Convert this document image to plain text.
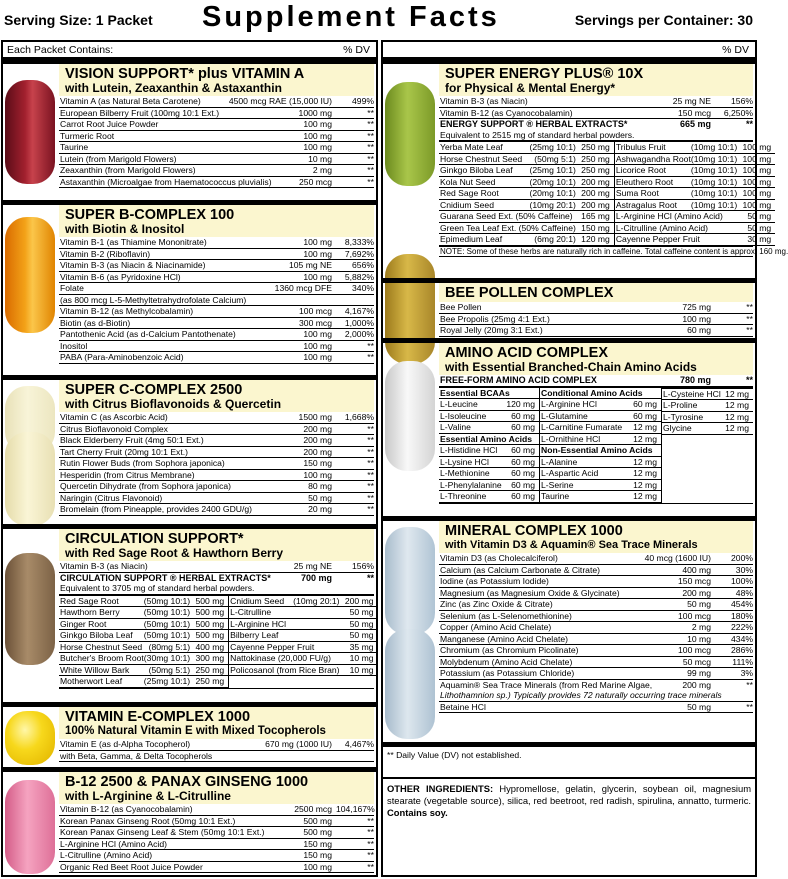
Serving Size: 1 Packet Supplement Facts	Servings per Container: 30
Each Packet Contains:	% DV
VISION SUPPORT* plus VITAMIN A
with Lutein, Zeaxanthin & Astaxanthin
Vitamin A (as Natural Beta Carotene)	4500 mcg RAE (15,000 IU)	499%
European Bilberry Fruit (100mg 10:1 Ext.)	1000 mg	**
Carrot Root Juice Powder	100 mg	**
Turmeric Root	100 mg	**
Taurine	100 mg	**
Lutein (from Marigold Flowers)	10 mg	**
Zeaxanthin (from Marigold Flowers)	2 mg	**
Astaxanthin (Microalgae from Haematococcus pluvialis)	250 mcg	**
SUPER B-COMPLEX 100
with Biotin & Inositol
Vitamin B-1 (as Thiamine Mononitrate)	100 mg	8,333%
Vitamin B-2 (Riboflavin)	100 mg	7,692%
Vitamin B-3 (as Niacin & Niacinamide)	105 mg NE	656%
Vitamin B-6 (as Pyridoxine HCl)	100 mg	5,882%
Folate	1360 mcg DFE	340%
(as 800 mcg L-5-Methyltetrahydrofolate Calcium)
Vitamin B-12 (as Methylcobalamin)	100 mcg	4,167%
Biotin (as d-Biotin)	300 mcg	1,000%
Pantothenic Acid (as d-Calcium Pantothenate)	100 mg	2,000%
Inositol	100 mg	**
PABA (Para-Aminobenzoic Acid)	100 mg	**
SUPER C-COMPLEX 2500
with Citrus Bioflavonoids & Quercetin
Vitamin C (as Ascorbic Acid)	1500 mg	1,668%
Citrus Bioflavonoid Complex	200 mg	**
Black Elderberry Fruit (4mg 50:1 Ext.)	200 mg	**
Tart Cherry Fruit (20mg 10:1 Ext.)	200 mg	**
Rutin Flower Buds (from Sophora japonica)	150 mg	**
Hesperidin (from Citrus Membrane)	100 mg	**
Quercetin Dihydrate (from Sophora japonica)	80 mg	**
Naringin (Citrus Flavonoid)	50 mg	**
Bromelain (from Pineapple, provides 2400 GDU/g)	20 mg	**
CIRCULATION SUPPORT*
with Red Sage Root & Hawthorn Berry
Vitamin B-3 (as Niacin)	25 mg NE	156%
CIRCULATION SUPPORT ® HERBAL EXTRACTS*	700 mg	**
Equivalent to 3705 mg of standard herbal powders.
Red Sage Root	(50mg 10:1) 500 mg
Hawthorn Berry	(50mg 10:1) 500 mg
Ginger Root	(50mg 10:1) 500 mg
Ginkgo Biloba Leaf	(50mg 10:1) 500 mg
Horse Chestnut Seed (80mg 5:1) 400 mg
Butcher's Broom Root (30mg 10:1) 300 mg
White Willow Bark	(50mg 5:1) 250 mg
Motherwort Leaf	(25mg 10:1) 250 mg
Cnidium Seed	(10mg 20:1) 200 mg
L-Citrulline	50 mg
L-Arginine HCl	50 mg
Bilberry Leaf	50 mg
Cayenne Pepper Fruit	35 mg
Nattokinase (20,000 FU/g)	10 mg
Policosanol (from Rice Bran)	10 mg
VITAMIN E-COMPLEX 1000
100% Natural Vitamin E with Mixed Tocopherols
Vitamin E (as d-Alpha Tocopherol)	670 mg (1000 IU)	4,467%
with Beta, Gamma, & Delta Tocopherols
B-12 2500 & PANAX GINSENG 1000
with L-Arginine & L-Citrulline
Vitamin B-12 (as Cyanocobalamin)	2500 mcg 104,167%
Korean Panax Ginseng Root (50mg 10:1 Ext.)	500 mg	**
Korean Panax Ginseng Leaf & Stem (50mg 10:1 Ext.)	500 mg	**
L-Arginine HCl (Amino Acid)	150 mg	**
L-Citrulline (Amino Acid)	150 mg	**
Organic Red Beet Root Juice Powder	100 mg	**
% DV
SUPER ENERGY PLUS® 10X
for Physical & Mental Energy*
Vitamin B-3 (as Niacin)	25 mg NE	156%
Vitamin B-12 (as Cyanocobalamin)	150 mcg	6,250%
ENERGY SUPPORT ® HERBAL EXTRACTS*	665 mg	**
Equivalent to 2515 mg of standard herbal powders.
Yerba Mate Leaf	(25mg 10:1) 250 mg
Horse Chestnut Seed	(50mg 5:1) 250 mg
Ginkgo Biloba Leaf	(25mg 10:1) 250 mg
Kola Nut Seed	(20mg 10:1) 200 mg
Red Sage Root	(20mg 10:1) 200 mg
Cnidium Seed	(10mg 20:1) 200 mg
Guarana Seed Ext. (50% Caffeine) 165 mg
Green Tea Leaf Ext. (50% Caffeine) 150 mg
Epimedium Leaf	(6mg 20:1) 120 mg
Tribulus Fruit	(10mg 10:1) 100 mg
Ashwagandha Root (10mg 10:1) 100 mg
Licorice Root	(10mg 10:1) 100 mg
Eleuthero Root	(10mg 10:1) 100 mg
Suma Root	(10mg 10:1) 100 mg
Astragalus Root	(10mg 10:1) 100 mg
L-Arginine HCl (Amino Acid)	50 mg
L-Citrulline (Amino Acid)	50 mg
Cayenne Pepper Fruit	30 mg
NOTE: Some of these herbs are naturally rich in caffeine. Total caffeine content is approx. 160 mg.
BEE POLLEN COMPLEX
Bee Pollen	725 mg	**
Bee Propolis (25mg 4:1 Ext.)	100 mg	**
Royal Jelly (20mg 3:1 Ext.)	60 mg	**
AMINO ACID COMPLEX
with Essential Branched-Chain Amino Acids
FREE-FORM AMINO ACID COMPLEX	780 mg	**
Essential BCAAs
L-Leucine	120 mg
L-Isoleucine	60 mg
L-Valine	60 mg
Essential Amino Acids
L-Histidine HCl	60 mg
L-Lysine HCl	60 mg
L-Methionine	60 mg
L-Phenylalanine	60 mg
L-Threonine	60 mg
Conditional Amino Acids
L-Arginine HCl	60 mg
L-Glutamine	60 mg
L-Carnitine Fumarate	12 mg
L-Ornithine HCl	12 mg
Non-Essential Amino Acids
L-Alanine	12 mg
L-Aspartic Acid	12 mg
L-Serine	12 mg
Taurine	12 mg
L-Cysteine HCl 12 mg
L-Proline	12 mg
L-Tyrosine	12 mg
Glycine	12 mg
MINERAL COMPLEX 1000
with Vitamin D3 & Aquamin® Sea Trace Minerals
Vitamin D3 (as Cholecalciferol)	40 mcg (1600 IU)	200%
Calcium (as Calcium Carbonate & Citrate)	400 mg	30%
Iodine (as Potassium Iodide)	150 mcg	100%
Magnesium (as Magnesium Oxide & Glycinate)	200 mg	48%
Zinc (as Zinc Oxide & Citrate)	50 mg	454%
Selenium (as L-Selenomethionine)	100 mcg	180%
Copper (Amino Acid Chelate)	2 mg	222%
Manganese (Amino Acid Chelate)	10 mg	434%
Chromium (as Chromium Picolinate)	100 mcg	286%
Molybdenum (Amino Acid Chelate)	50 mcg	111%
Potassium (as Potassium Chloride)	99 mg	3%
Aquamin® Sea Trace Minerals (from Red Marine Algae,	200 mg	**
Lithothamnion sp.) Typically provides 72 naturally occurring trace minerals
Betaine HCl	50 mg	**
** Daily Value (DV) not established.
OTHER INGREDIENTS: Hypromellose, gelatin, glycerin, soybean oil, magnesium stearate (vegetable source), silica, red beetroot, red radish, spirulina, annatto, turmeric. Contains soy.
